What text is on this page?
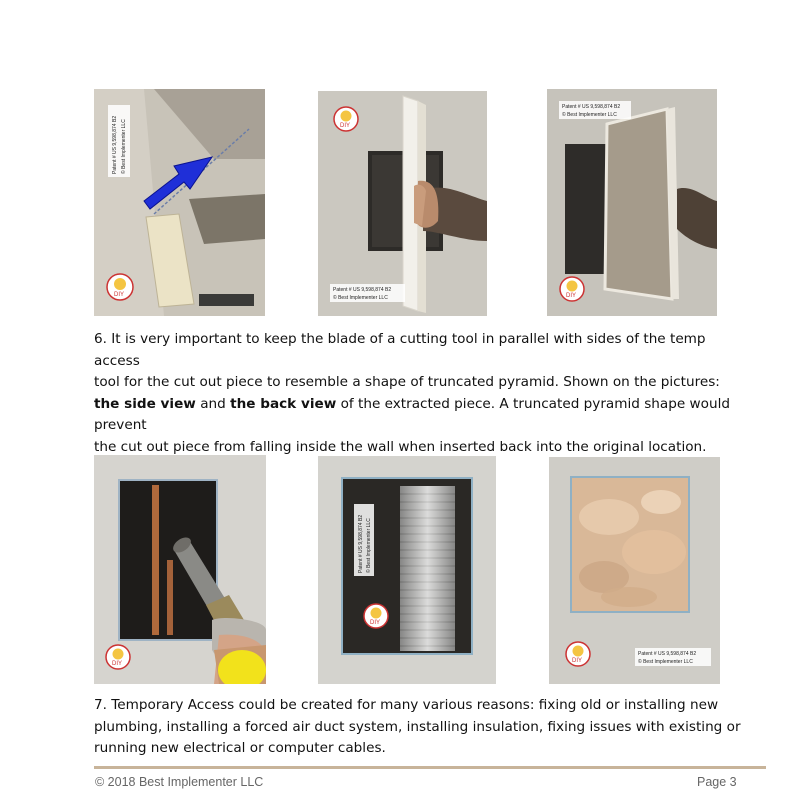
Patent # US 9,598,874 B2 © Best Implementer LLC
DIY
DIY
Patent # US 9,598,874 B2
© Best Implementer LLC
Patent # US 9,598,874 B2
© Best Implementer LLC
DIY
6. It is very important to keep the blade of a cutting tool in parallel with sides of the temp access
tool for the cut out piece to resemble a shape of truncated pyramid. Shown on the pictures:
the side view and the back view of the extracted piece. A truncated pyramid shape would prevent
the cut out piece from falling inside the wall when inserted back into the original location.
DIY
Patent # US 9,598,874 B2 © Best Implementer LLC
DIY
DIY
Patent # US 9,598,874 B2
© Best Implementer LLC
7. Temporary Access could be created for many various reasons: fixing old or installing new
plumbing, installing a forced air duct system, installing insulation, fixing issues with existing or
running new electrical or computer cables.
© 2018 Best Implementer LLC	Page 3
